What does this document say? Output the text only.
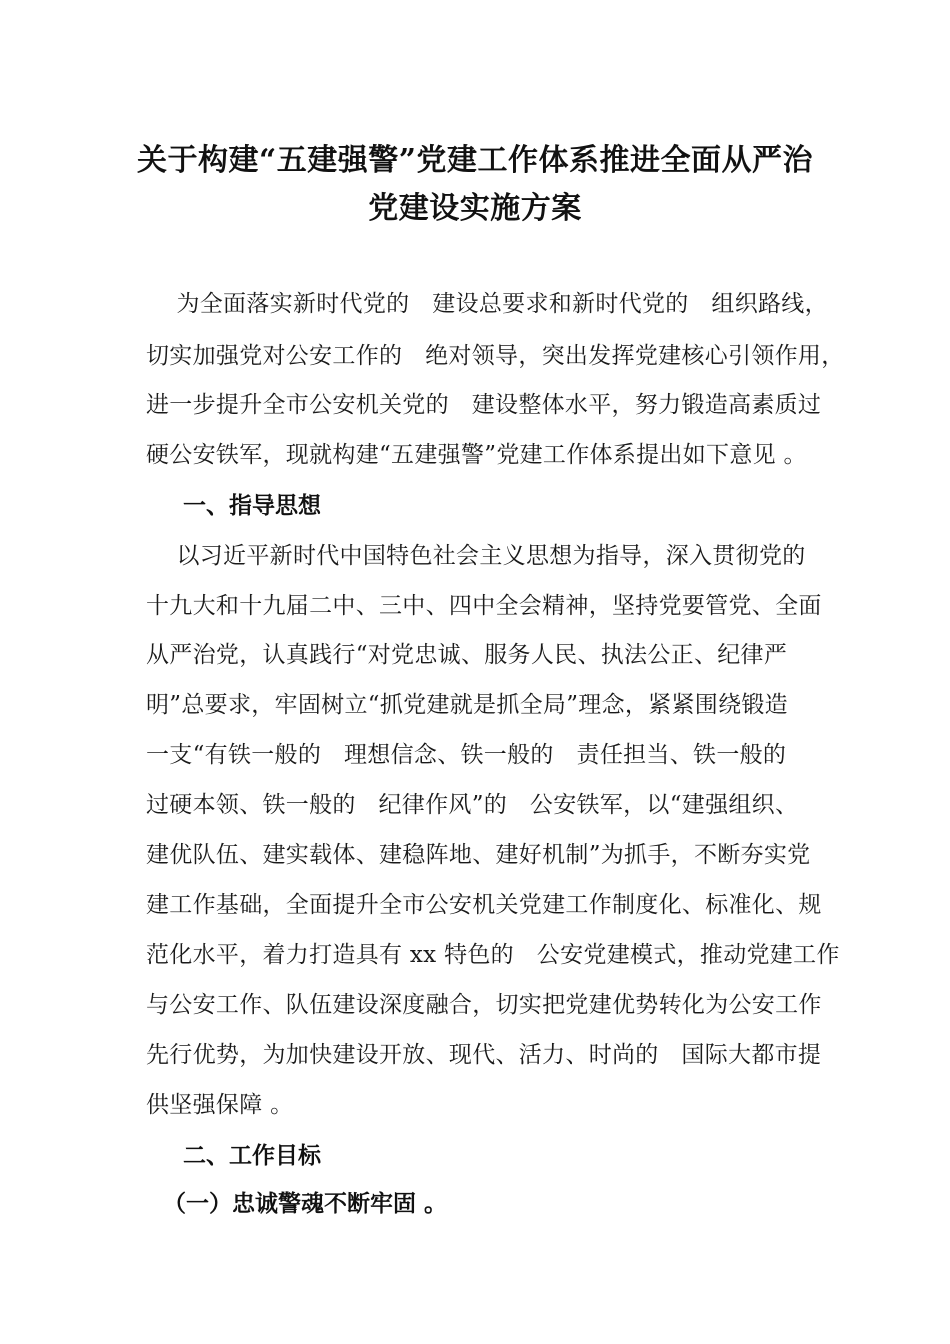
关于构建“五建强警”党建工作体系推进全面从严治
党建设实施方案
为全面落实新时代党的   建设总要求和新时代党的   组织路线，
切实加强党对公安工作的   绝对领导，突出发挥党建核心引领作用，
进一步提升全市公安机关党的   建设整体水平，努力锻造高素质过
硬公安铁军，现就构建“五建强警”党建工作体系提出如下意见 。
一、指导思想
以习近平新时代中国特色社会主义思想为指导，深入贯彻党的
十九大和十九届二中、三中、四中全会精神，坚持党要管党、全面
从严治党，认真践行“对党忠诚、服务人民、执法公正、纪律严
明”总要求，牢固树立“抓党建就是抓全局”理念，紧紧围绕锻造
一支“有铁一般的   理想信念、铁一般的   责任担当、铁一般的
过硬本领、铁一般的   纪律作风”的   公安铁军，以“建强组织、
建优队伍、建实载体、建稳阵地、建好机制”为抓手，不断夯实党
建工作基础，全面提升全市公安机关党建工作制度化、标准化、规
范化水平，着力打造具有 xx 特色的   公安党建模式，推动党建工作
与公安工作、队伍建设深度融合，切实把党建优势转化为公安工作
先行优势，为加快建设开放、现代、活力、时尚的   国际大都市提
供坚强保障 。
二、工作目标
（一）忠诚警魂不断牢固 。
